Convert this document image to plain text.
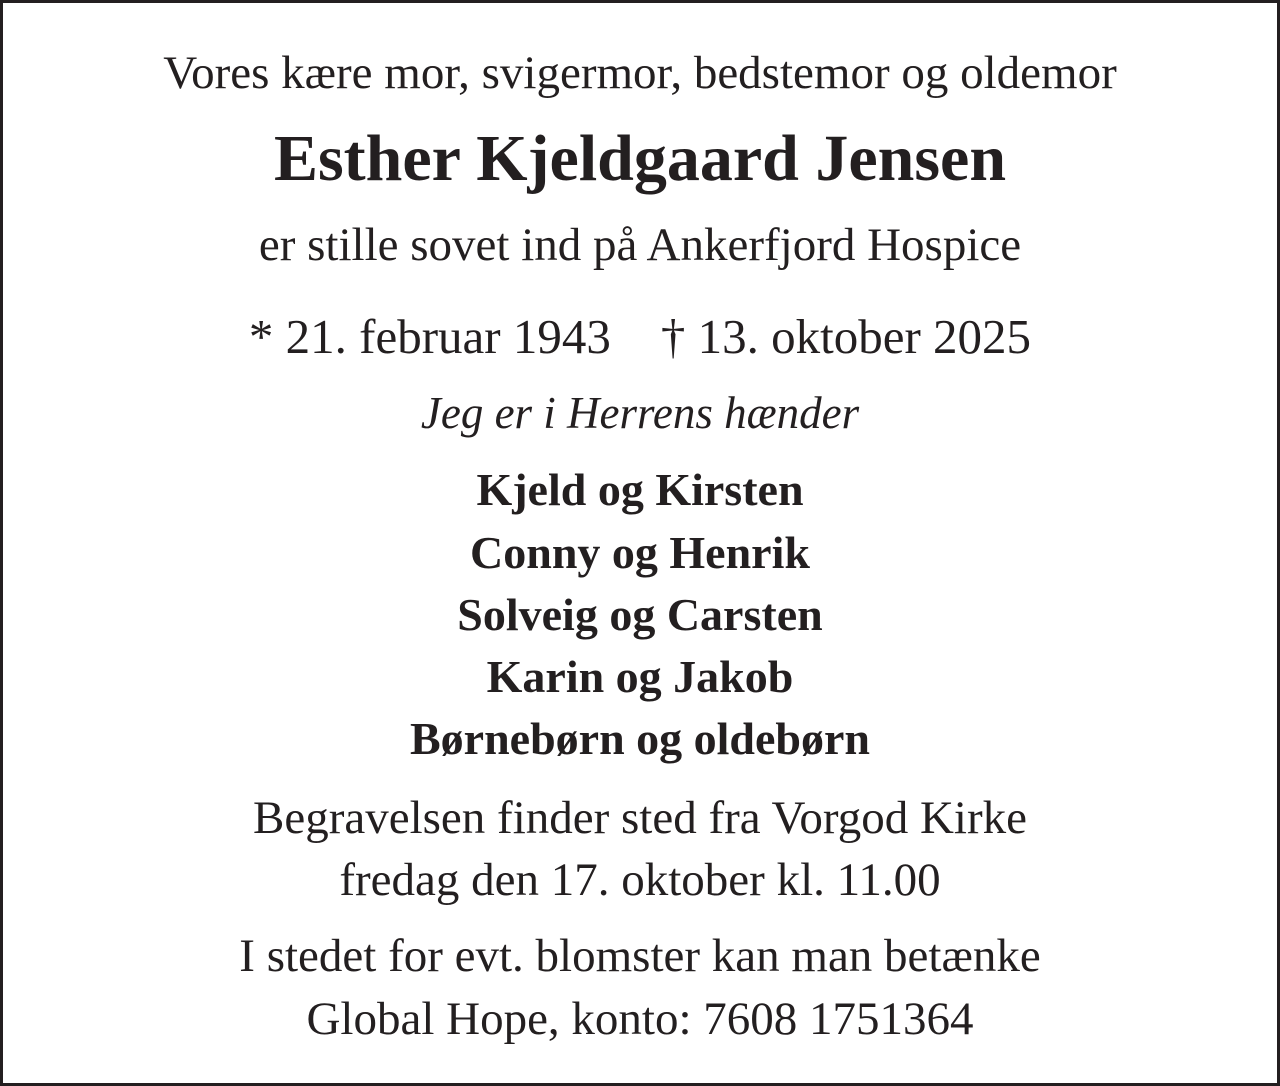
Vores kære mor, svigermor, bedstemor og oldemor
Esther Kjeldgaard Jensen
er stille sovet ind på Ankerfjord Hospice
* 21. februar 1943 † 13. oktober 2025
Jeg er i Herrens hænder
Kjeld og Kirsten
Conny og Henrik
Solveig og Carsten
Karin og Jakob
Børnebørn og oldebørn
Begravelsen finder sted fra Vorgod Kirke
fredag den 17. oktober kl. 11.00
I stedet for evt. blomster kan man betænke
Global Hope, konto: 7608 1751364
